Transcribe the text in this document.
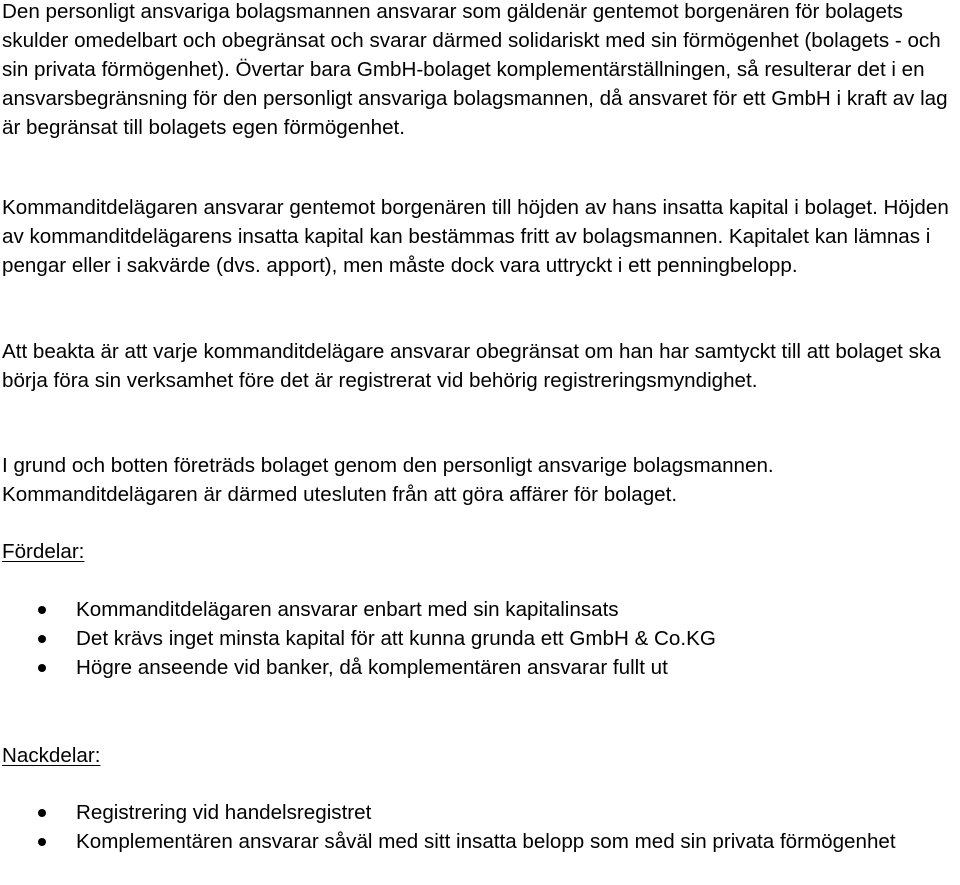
Den personligt ansvariga bolagsmannen ansvarar som gäldenär gentemot borgenären för bolagets skulder omedelbart och obegränsat och svarar därmed solidariskt med sin förmögenhet (bolagets - och sin privata förmögenhet). Övertar bara GmbH-bolaget komplementärställningen, så resulterar det i en ansvarsbegränsning för den personligt ansvariga bolagsmannen, då ansvaret för ett GmbH i kraft av lag är begränsat till bolagets egen förmögenhet.

Kommanditdelägaren ansvarar gentemot borgenären till höjden av hans insatta kapital i bolaget. Höjden av kommanditdelägarens insatta kapital kan bestämmas fritt av bolagsmannen. Kapitalet kan lämnas i pengar eller i sakvärde (dvs. apport), men måste dock vara uttryckt i ett penningbelopp.

Att beakta är att varje kommanditdelägare ansvarar obegränsat om han har samtyckt till att bolaget ska börja föra sin verksamhet före det är registrerat vid behörig registreringsmyndighet.

I grund och botten företräds bolaget genom den personligt ansvarige bolagsmannen. Kommanditdelägaren är därmed utesluten från att göra affärer för bolaget.

Fördelar:
Kommanditdelägaren ansvarar enbart med sin kapitalinsats
Det krävs inget minsta kapital för att kunna grunda ett GmbH & Co.KG
Högre anseende vid banker, då komplementären ansvarar fullt ut
Nackdelar:
Registrering vid handelsregistret
Komplementären ansvarar såväl med sitt insatta belopp som med sin privata förmögenhet
